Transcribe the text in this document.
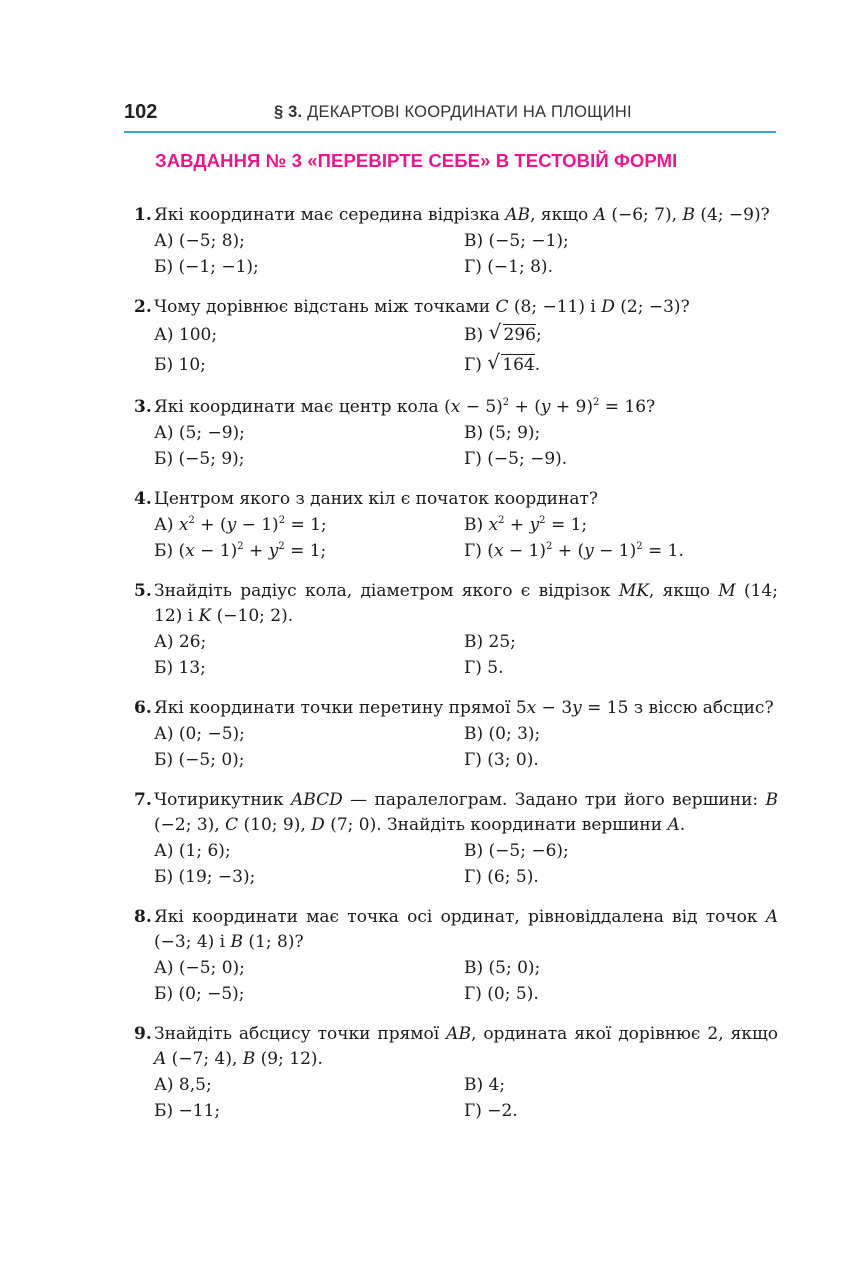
102	§ 3. ДЕКАРТОВІ КООРДИНАТИ НА ПЛОЩИНІ
ЗАВДАННЯ № 3 «ПЕРЕВІРТЕ СЕБЕ» В ТЕСТОВІЙ ФОРМІ
1. Які координати має середина відрізка AB, якщо A (−6; 7), B (4; −9)?
А) (−5; 8);	В) (−5; −1);
Б) (−1; −1);	Г) (−1; 8).
2. Чому дорівнює відстань між точками C (8; −11) і D (2; −3)?
А) 100;	В) √ 296;
Б) 10;	Г) √ 164.
3. Які координати має центр кола $(x - 5)^2 + (y + 9)^2 = 16$?
А) (5; −9);	В) (5; 9);
Б) (−5; 9);	Г) (−5; −9).
4. Центром якого з даних кіл є початок координат?
А) $x^2 + (y - 1)^2 = 1$;	В) $x^2 + y^2 = 1$;
Б) $(x - 1)^2 + y^2 = 1$;	Г) $(x - 1)^2 + (y - 1)^2 = 1$.
5. Знайдіть радіус кола, діаметром якого є відрізок MK, якщо M (14; 12) і K (−10; 2).
А) 26;	В) 25;
Б) 13;	Г) 5.
6. Які координати точки перетину прямої 5x − 3y = 15 з віссю абсцис?
А) (0; −5);	В) (0; 3);
Б) (−5; 0);	Г) (3; 0).
7. Чотирикутник ABCD — паралелограм. Задано три його вершини: B (−2; 3), C (10; 9), D (7; 0). Знайдіть координати вершини A.
А) (1; 6);	В) (−5; −6);
Б) (19; −3);	Г) (6; 5).
8. Які координати має точка осі ординат, рівновіддалена від точок A (−3; 4) і B (1; 8)?
А) (−5; 0);	В) (5; 0);
Б) (0; −5);	Г) (0; 5).
9. Знайдіть абсцису точки прямої AB, ордината якої дорівнює 2, якщо A (−7; 4), B (9; 12).
А) 8,5;	В) 4;
Б) −11;	Г) −2.
